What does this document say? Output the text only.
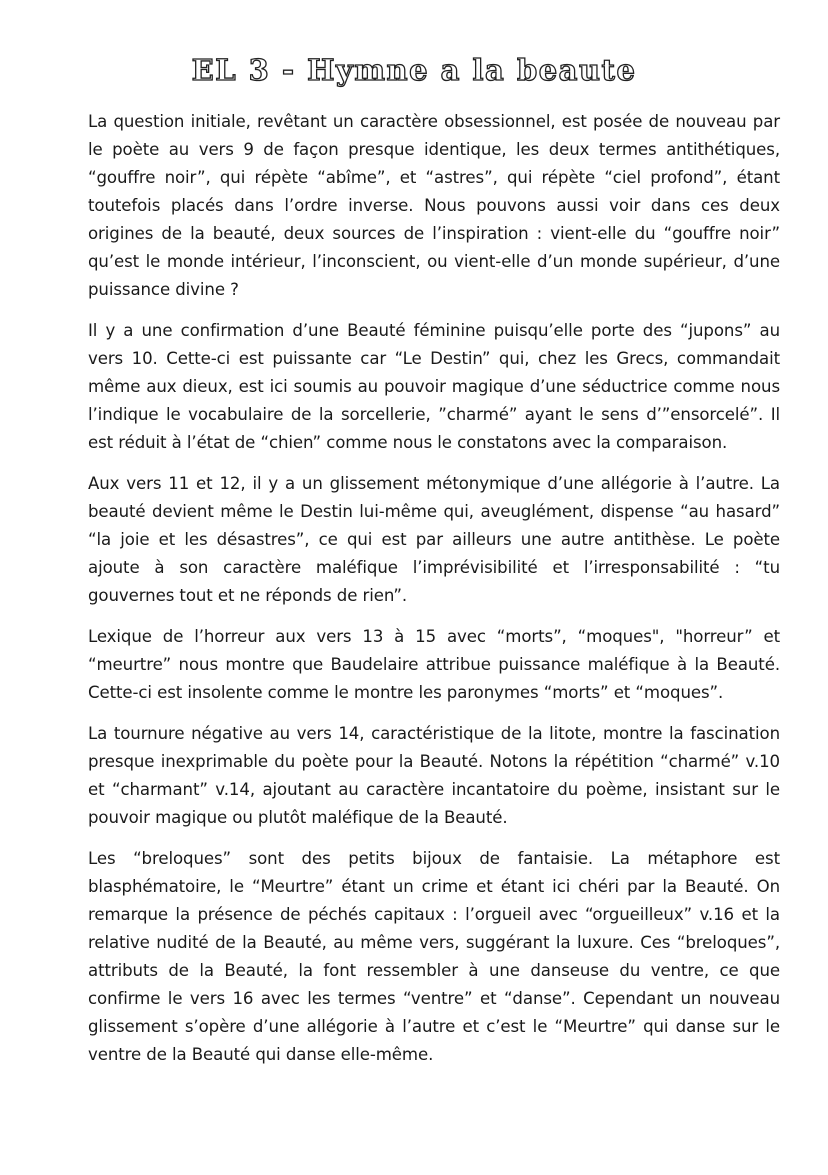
EL 3 - Hymne a la beaute

La question initiale, revêtant un caractère obsessionnel, est posée de nouveau par le poète au vers 9 de façon presque identique, les deux termes antithétiques, “gouffre noir”, qui répète “abîme”, et “astres”, qui répète “ciel profond”, étant toutefois placés dans l’ordre inverse. Nous pouvons aussi voir dans ces deux origines de la beauté, deux sources de l’inspiration : vient-elle du “gouffre noir” qu’est le monde intérieur, l’inconscient, ou vient-elle d’un monde supérieur, d’une puissance divine ?

Il y a une confirmation d’une Beauté féminine puisqu’elle porte des “jupons” au vers 10. Cette-ci est puissante car “Le Destin” qui, chez les Grecs, commandait même aux dieux, est ici soumis au pouvoir magique d’une séductrice comme nous l’indique le vocabulaire de la sorcellerie, ”charmé” ayant le sens d’”ensorcelé”. Il est réduit à l’état de “chien” comme nous le constatons avec la comparaison.

Aux vers 11 et 12, il y a un glissement métonymique d’une allégorie à l’autre. La beauté devient même le Destin lui-même qui, aveuglément, dispense “au hasard” “la joie et les désastres”, ce qui est par ailleurs une autre antithèse. Le poète ajoute à son caractère maléfique l’imprévisibilité et l’irresponsabilité : “tu gouvernes tout et ne réponds de rien”.

Lexique de l’horreur aux vers 13 à 15 avec “morts”, “moques", "horreur” et “meurtre” nous montre que Baudelaire attribue puissance maléfique à la Beauté. Cette-ci est insolente comme le montre les paronymes “morts” et “moques”.

La tournure négative au vers 14, caractéristique de la litote, montre la fascination presque inexprimable du poète pour la Beauté. Notons la répétition “charmé” v.10 et “charmant” v.14, ajoutant au caractère incantatoire du poème, insistant sur le pouvoir magique ou plutôt maléfique de la Beauté.

Les “breloques” sont des petits bijoux de fantaisie. La métaphore est blasphématoire, le “Meurtre” étant un crime et étant ici chéri par la Beauté. On remarque la présence de péchés capitaux : l’orgueil avec “orgueilleux” v.16 et la relative nudité de la Beauté, au même vers, suggérant la luxure. Ces “breloques”, attributs de la Beauté, la font ressembler à une danseuse du ventre, ce que confirme le vers 16 avec les termes “ventre” et “danse”. Cependant un nouveau glissement s’opère d’une allégorie à l’autre et c’est le “Meurtre” qui danse sur le ventre de la Beauté qui danse elle-même.
